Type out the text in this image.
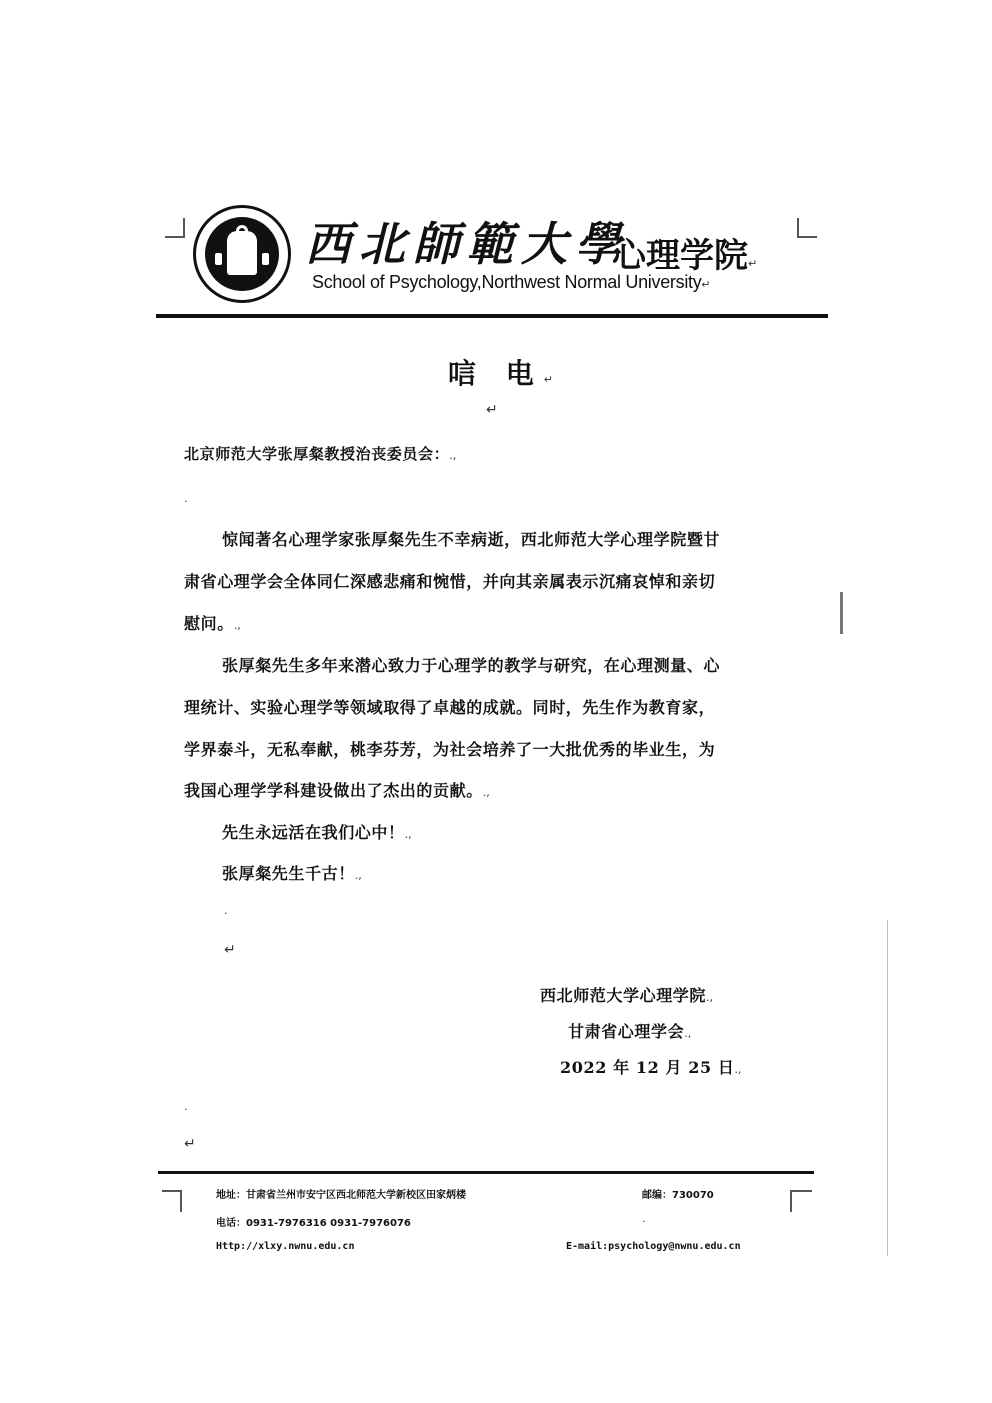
西北師範大學
心理学院↵
School of Psychology,Northwest Normal University↵
唁 电↵
↵
北京师范大学张厚粲教授治丧委员会：.,
.
惊闻著名心理学家张厚粲先生不幸病逝，西北师范大学心理学院暨甘
肃省心理学会全体同仁深感悲痛和惋惜，并向其亲属表示沉痛哀悼和亲切
慰问。.,
张厚粲先生多年来潜心致力于心理学的教学与研究，在心理测量、心
理统计、实验心理学等领域取得了卓越的成就。同时，先生作为教育家，
学界泰斗，无私奉献，桃李芬芳，为社会培养了一大批优秀的毕业生，为
我国心理学学科建设做出了杰出的贡献。.,
先生永远活在我们心中！.,
张厚粲先生千古！.,
.
↵
西北师范大学心理学院.,
甘肃省心理学会.,
2022 年 12 月 25 日.,
.
↵
地址：甘肃省兰州市安宁区西北师范大学新校区田家炳楼	邮编：730070
电话：0931-7976316 0931-7976076	.
Http://xlxy.nwnu.edu.cn	E-mail:psychology@nwnu.edu.cn
